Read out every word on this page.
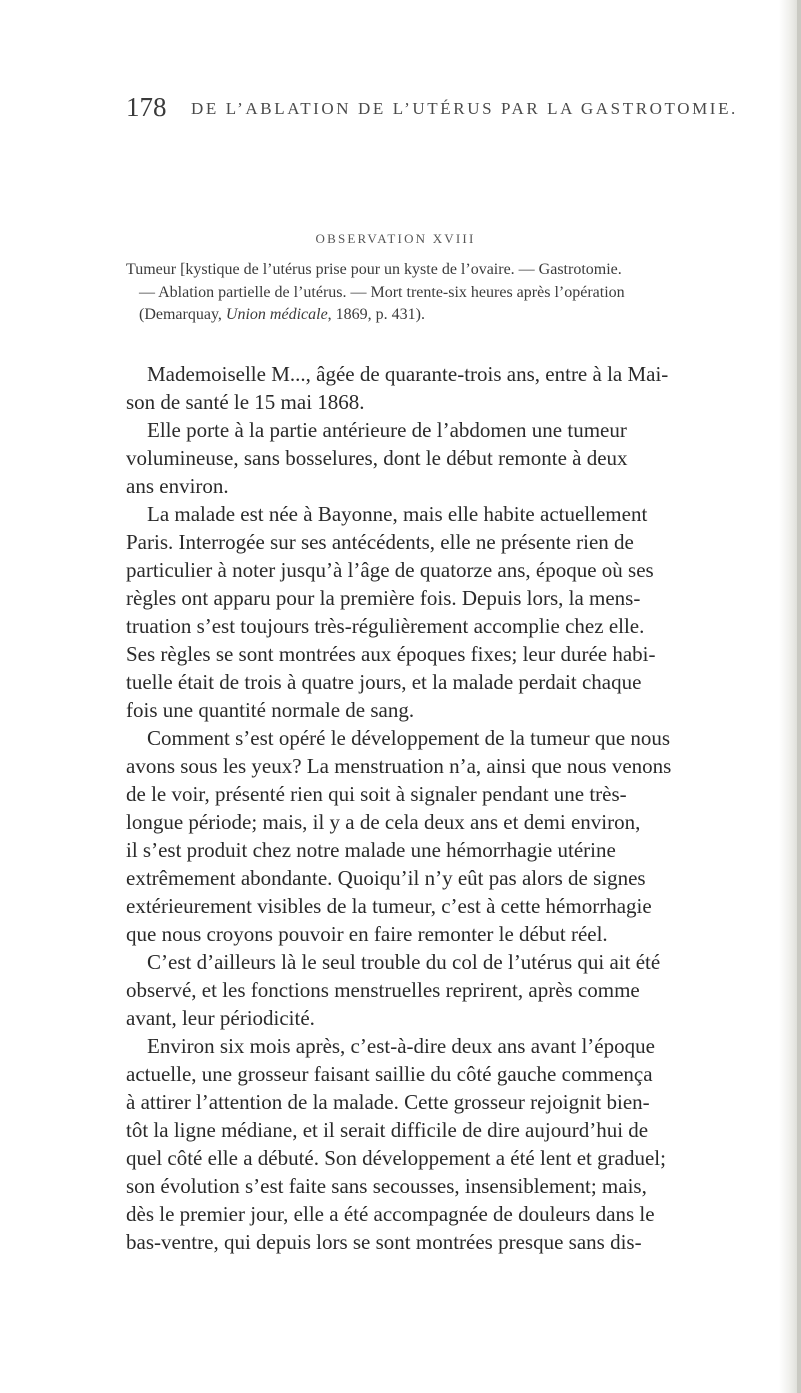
178 DE L’ABLATION DE L’UTÉRUS PAR LA GASTROTOMIE.
OBSERVATION XVIII
Tumeur [kystique de l’utérus prise pour un kyste de l’ovaire. — Gastrotomie.
— Ablation partielle de l’utérus. — Mort trente-six heures après l’opération
(Demarquay, Union médicale, 1869, p. 431).
Mademoiselle M..., âgée de quarante-trois ans, entre à la Mai-
son de santé le 15 mai 1868.
Elle porte à la partie antérieure de l’abdomen une tumeur
volumineuse, sans bosselures, dont le début remonte à deux
ans environ.
La malade est née à Bayonne, mais elle habite actuellement
Paris. Interrogée sur ses antécédents, elle ne présente rien de
particulier à noter jusqu’à l’âge de quatorze ans, époque où ses
règles ont apparu pour la première fois. Depuis lors, la mens-
truation s’est toujours très-régulièrement accomplie chez elle.
Ses règles se sont montrées aux époques fixes; leur durée habi-
tuelle était de trois à quatre jours, et la malade perdait chaque
fois une quantité normale de sang.
Comment s’est opéré le développement de la tumeur que nous
avons sous les yeux? La menstruation n’a, ainsi que nous venons
de le voir, présenté rien qui soit à signaler pendant une très-
longue période; mais, il y a de cela deux ans et demi environ,
il s’est produit chez notre malade une hémorrhagie utérine
extrêmement abondante. Quoiqu’il n’y eût pas alors de signes
extérieurement visibles de la tumeur, c’est à cette hémorrhagie
que nous croyons pouvoir en faire remonter le début réel.
C’est d’ailleurs là le seul trouble du col de l’utérus qui ait été
observé, et les fonctions menstruelles reprirent, après comme
avant, leur périodicité.
Environ six mois après, c’est-à-dire deux ans avant l’époque
actuelle, une grosseur faisant saillie du côté gauche commença
à attirer l’attention de la malade. Cette grosseur rejoignit bien-
tôt la ligne médiane, et il serait difficile de dire aujourd’hui de
quel côté elle a débuté. Son développement a été lent et graduel;
son évolution s’est faite sans secousses, insensiblement; mais,
dès le premier jour, elle a été accompagnée de douleurs dans le
bas-ventre, qui depuis lors se sont montrées presque sans dis-
